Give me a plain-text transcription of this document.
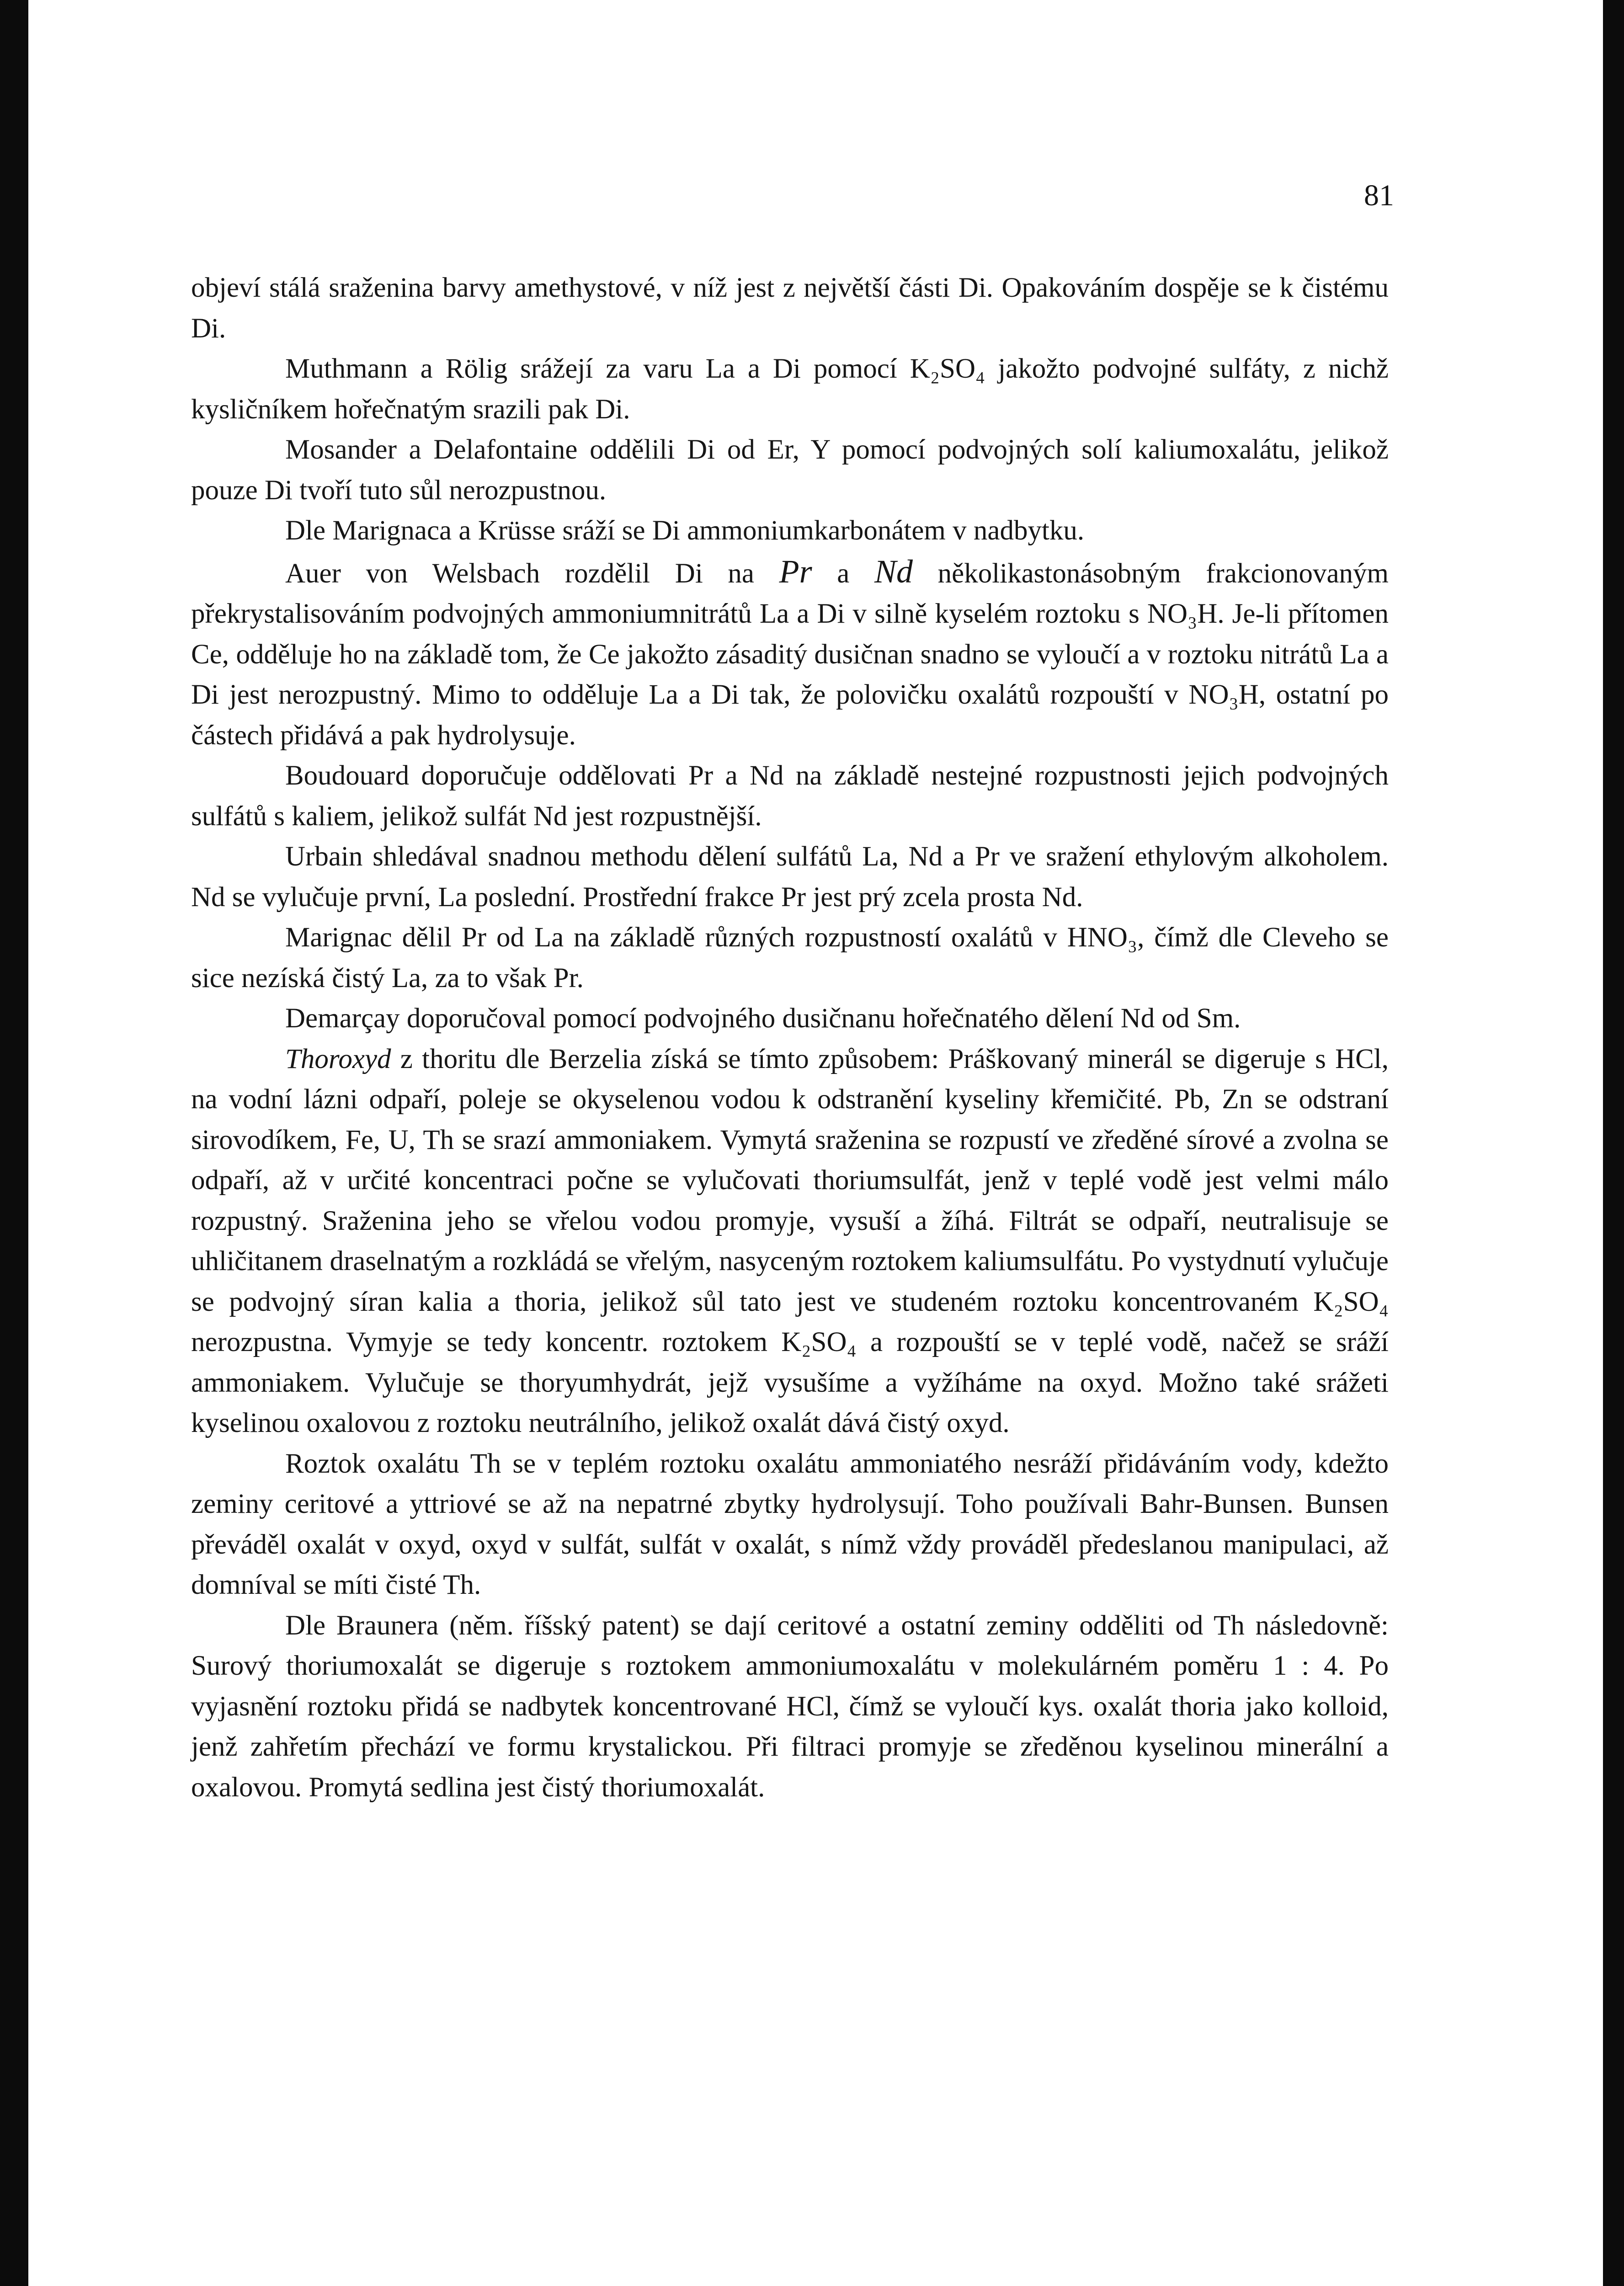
81

objeví stálá sraženina barvy amethystové, v níž jest z největší části Di. Opakováním dospěje se k čistému Di.

Muthmann a Rölig srážejí za varu La a Di pomocí K₂SO₄ jakožto podvojné sulfáty, z nichž kysličníkem hořečnatým srazili pak Di.

Mosander a Delafontaine oddělili Di od Er, Y pomocí podvojných solí kaliumoxalátu, jelikož pouze Di tvoří tuto sůl nerozpustnou.

Dle Marignaca a Krüsse sráží se Di ammoniumkarbonátem v nadbytku.

Auer von Welsbach rozdělil Di na Pr a Nd několikastonásobným frakcionovaným překrystalisováním podvojných ammoniumnitrátů La a Di v silně kyselém roztoku s NO₃H. Je-li přítomen Ce, odděluje ho na základě tom, že Ce jakožto zásaditý dusičnan snadno se vyloučí a v roztoku nitrátů La a Di jest nerozpustný. Mimo to odděluje La a Di tak, že polovičku oxalátů rozpouští v NO₃H, ostatní po částech přidává a pak hydrolysuje.

Boudouard doporučuje oddělovati Pr a Nd na základě nestejné rozpustnosti jejich podvojných sulfátů s kaliem, jelikož sulfát Nd jest rozpustnější.

Urbain shledával snadnou methodu dělení sulfátů La, Nd a Pr ve sražení ethylovým alkoholem. Nd se vylučuje první, La poslední. Prostřední frakce Pr jest prý zcela prosta Nd.

Marignac dělil Pr od La na základě různých rozpustností oxalátů v HNO₃, čímž dle Cleveho se sice nezíská čistý La, za to však Pr.

Demarçay doporučoval pomocí podvojného dusičnanu hořečnatého dělení Nd od Sm.

Thoroxyd z thoritu dle Berzelia získá se tímto způsobem: Práškovaný minerál se digeruje s HCl, na vodní lázni odpaří, poleje se okyselenou vodou k odstranění kyseliny křemičité. Pb, Zn se odstraní sirovodíkem, Fe, U, Th se srazí ammoniakem. Vymytá sraženina se rozpustí ve zředěné sírové a zvolna se odpaří, až v určité koncentraci počne se vylučovati thoriumsulfát, jenž v teplé vodě jest velmi málo rozpustný. Sraženina jeho se vřelou vodou promyje, vysuší a žíhá. Filtrát se odpaří, neutralisuje se uhličitanem draselnatým a rozkládá se vřelým, nasyceným roztokem kaliumsulfátu. Po vystydnutí vylučuje se podvojný síran kalia a thoria, jelikož sůl tato jest ve studeném roztoku koncentrovaném K₂SO₄ nerozpustna. Vymyje se tedy koncentr. roztokem K₂SO₄ a rozpouští se v teplé vodě, načež se sráží ammoniakem. Vylučuje se thoryumhydrát, jejž vysušíme a vyžíháme na oxyd. Možno také srážeti kyselinou oxalovou z roztoku neutrálního, jelikož oxalát dává čistý oxyd.

Roztok oxalátu Th se v teplém roztoku oxalátu ammoniatého nesráží přidáváním vody, kdežto zeminy ceritové a yttriové se až na nepatrné zbytky hydrolysují. Toho používali Bahr-Bunsen. Bunsen převáděl oxalát v oxyd, oxyd v sulfát, sulfát v oxalát, s nímž vždy prováděl předeslanou manipulaci, až domníval se míti čisté Th.

Dle Braunera (něm. říšský patent) se dají ceritové a ostatní zeminy odděliti od Th následovně: Surový thoriumoxalát se digeruje s roztokem ammoniumoxalátu v molekulárném poměru 1 : 4. Po vyjasnění roztoku přidá se nadbytek koncentrované HCl, čímž se vyloučí kys. oxalát thoria jako kolloid, jenž zahřetím přechází ve formu krystalickou. Při filtraci promyje se zředěnou kyselinou minerální a oxalovou. Promytá sedlina jest čistý thoriumoxalát.
